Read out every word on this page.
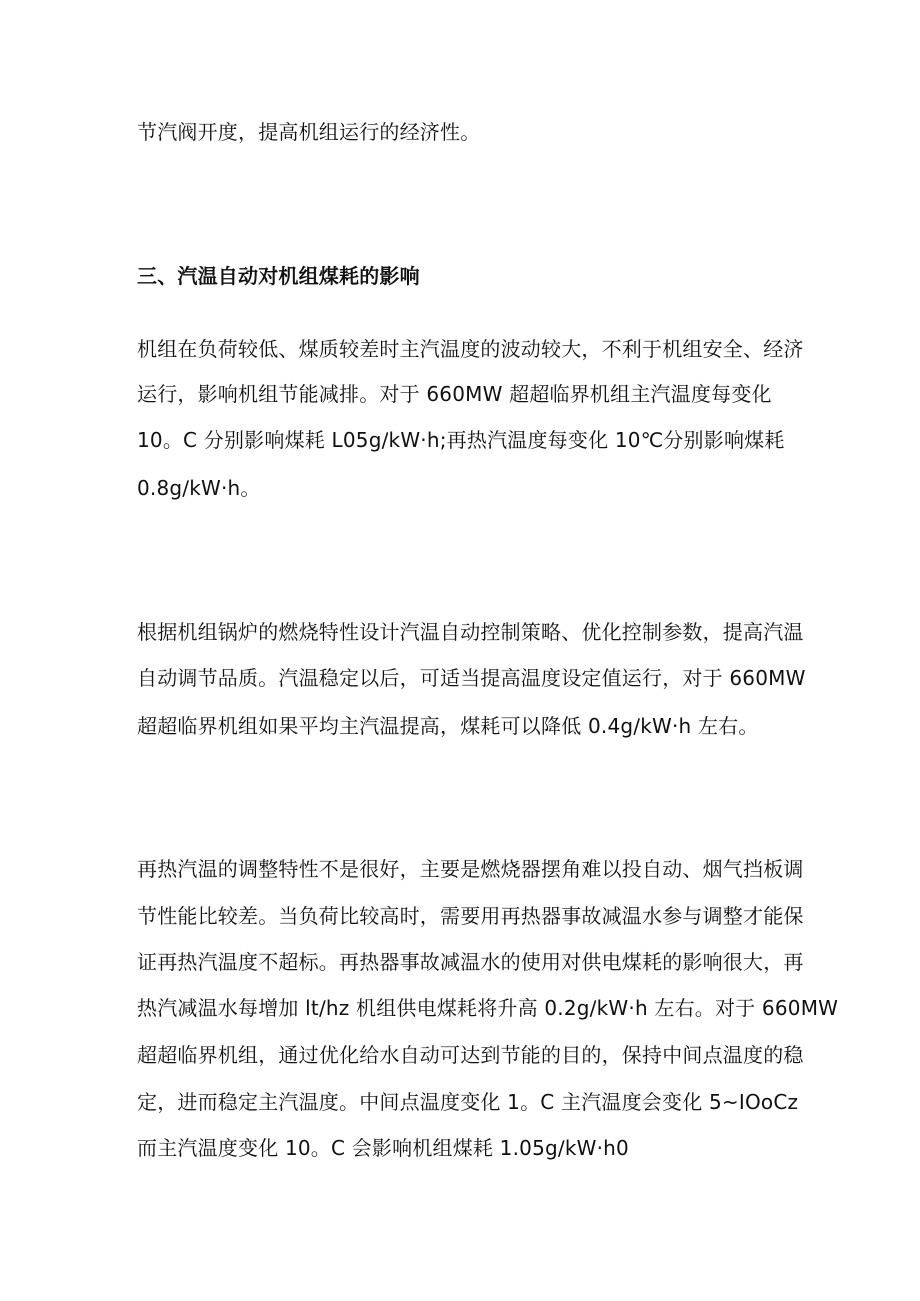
节汽阀开度，提高机组运行的经济性。
三、汽温自动对机组煤耗的影响
机组在负荷较低、煤质较差时主汽温度的波动较大，不利于机组安全、经济
运行，影响机组节能减排。对于 660MW 超超临界机组主汽温度每变化
10。C 分别影响煤耗 L05g∕kW·h;再热汽温度每变化 10℃分别影响煤耗
0.8g∕kW·h。
根据机组锅炉的燃烧特性设计汽温自动控制策略、优化控制参数，提高汽温
自动调节品质。汽温稳定以后，可适当提高温度设定值运行，对于 660MW
超超临界机组如果平均主汽温提高，煤耗可以降低 0.4g∕kW·h 左右。
再热汽温的调整特性不是很好，主要是燃烧器摆角难以投自动、烟气挡板调
节性能比较差。当负荷比较高时，需要用再热器事故减温水参与调整才能保
证再热汽温度不超标。再热器事故减温水的使用对供电煤耗的影响很大，再
热汽减温水每增加 lt∕hz 机组供电煤耗将升高 0.2g∕kW·h 左右。对于 660MW
超超临界机组，通过优化给水自动可达到节能的目的，保持中间点温度的稳
定，进而稳定主汽温度。中间点温度变化 1。C 主汽温度会变化 5~IOoCz
而主汽温度变化 10。C 会影响机组煤耗 1.05g∕kW·h0
